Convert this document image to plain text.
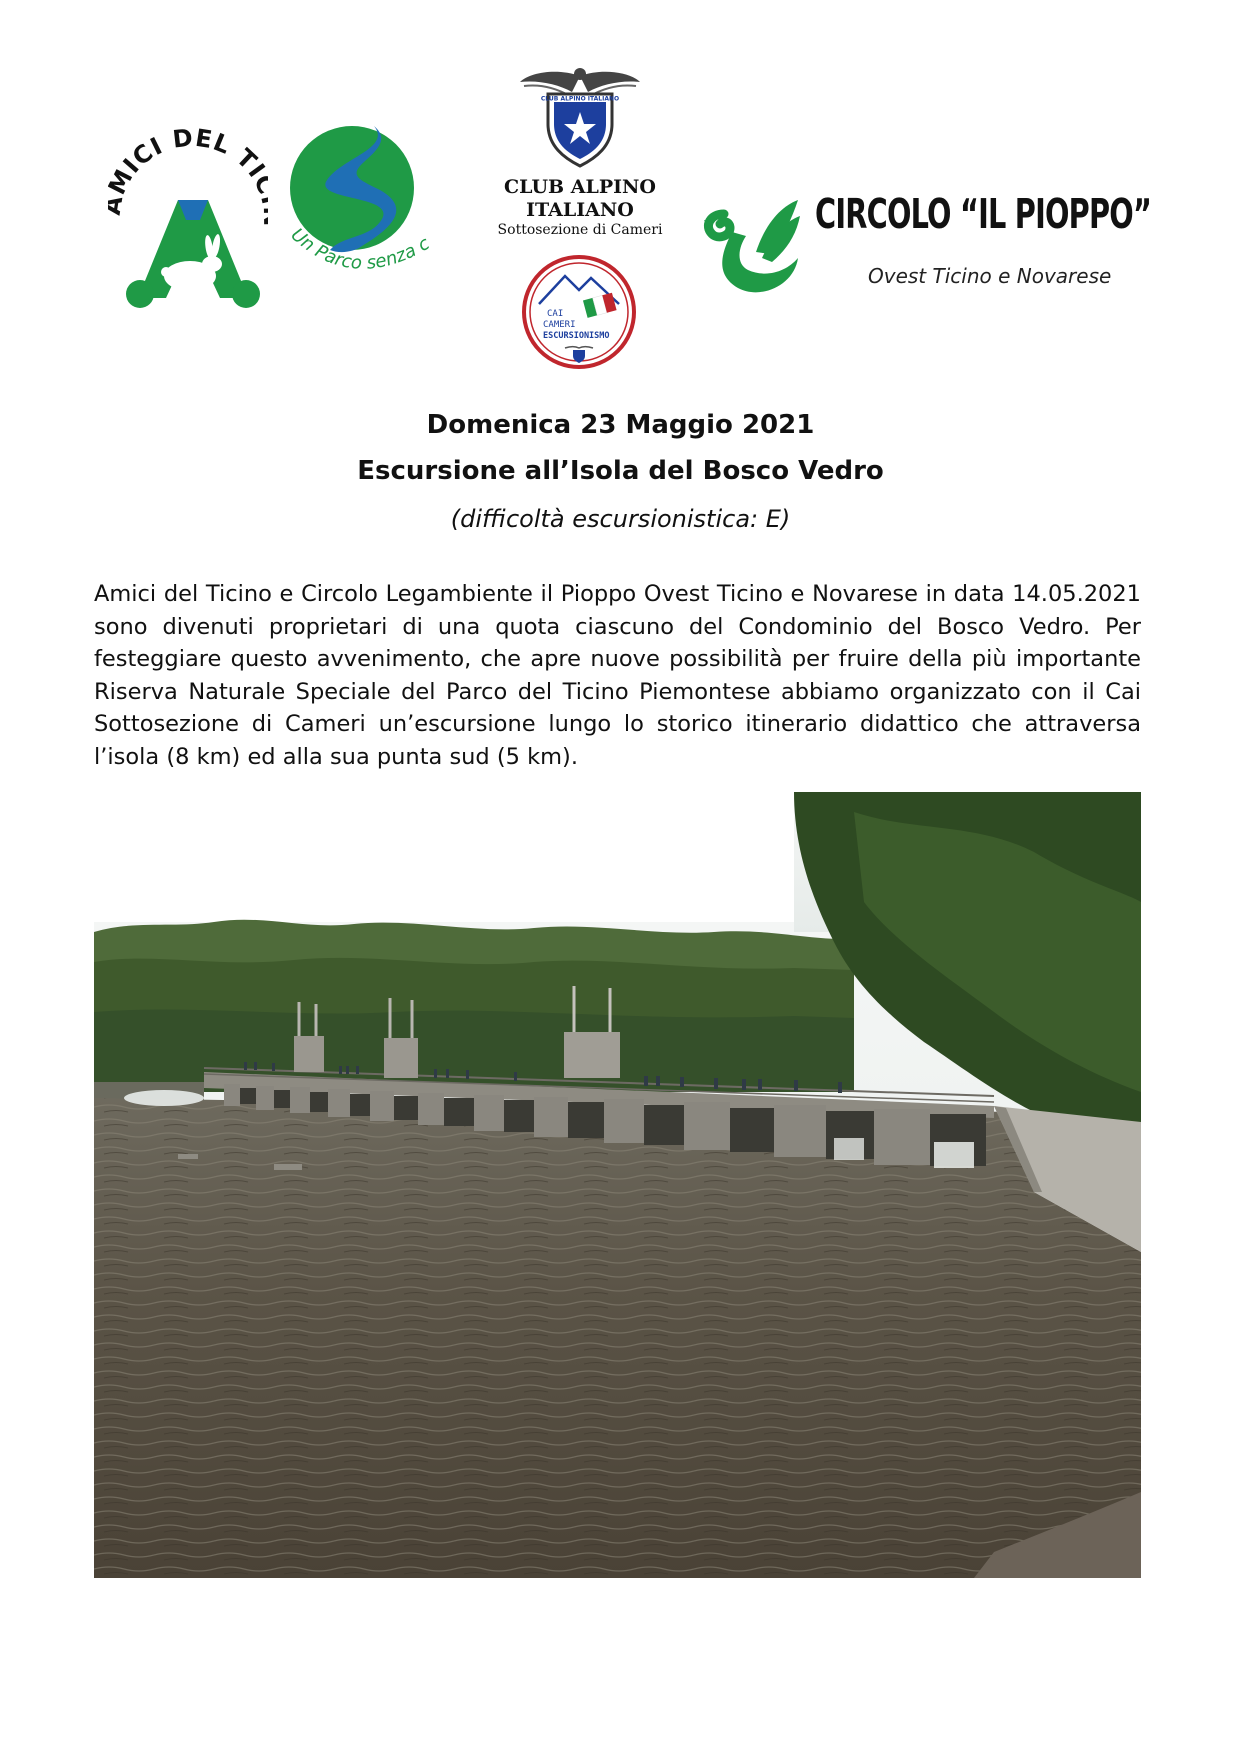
ICI DEL T
Un Parco senza c
CLUB ALPINO ITALIANO
CLUB ALPINO
ITALIANO
Sottosezione di Cameri
CAI
CAMERI
ESCURSIONISMO
CIRCOLO “IL PIOPPO”
Ovest Ticino e Novarese
Domenica 23 Maggio 2021
Escursione all’Isola del Bosco Vedro
(difficoltà escursionistica: E)

Amici del Ticino e Circolo Legambiente il Pioppo Ovest Ticino e Novarese in data 14.05.2021 sono divenuti proprietari di una quota ciascuno del Condominio del Bosco Vedro. Per festeggiare questo avvenimento, che apre nuove possibilità per fruire della più importante Riserva Naturale Speciale del Parco del Ticino Piemontese abbiamo organizzato con il Cai Sottosezione di Cameri un’escursione lungo lo storico itinerario didattico che attraversa l’isola (8 km) ed alla sua punta sud (5 km).
